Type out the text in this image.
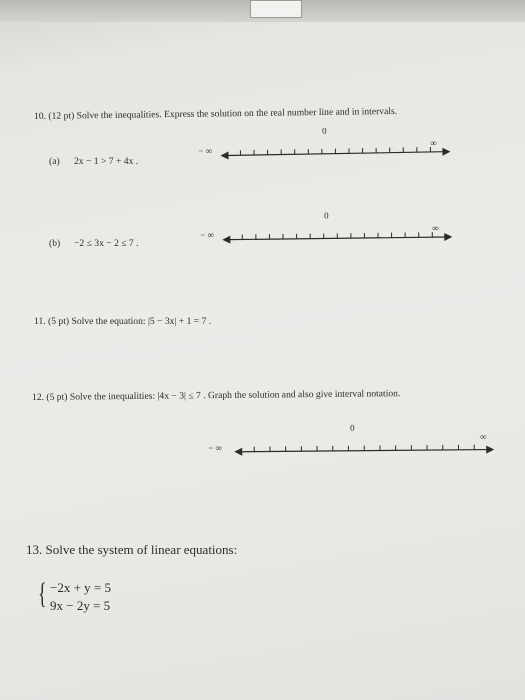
10. (12 pt) Solve the inequalities. Express the solution on the real number line and in intervals.
(a) 2x − 1 > 7 + 4x .
0
− ∞
∞
(b) −2 ≤ 3x − 2 ≤ 7 .
0
− ∞
∞
11. (5 pt) Solve the equation: |5 − 3x| + 1 = 7 .
12. (5 pt) Solve the inequalities: |4x − 3| ≤ 7 . Graph the solution and also give interval notation.
0
− ∞
∞
13. Solve the system of linear equations:
{ −2x + y = 5
9x − 2y = 5
